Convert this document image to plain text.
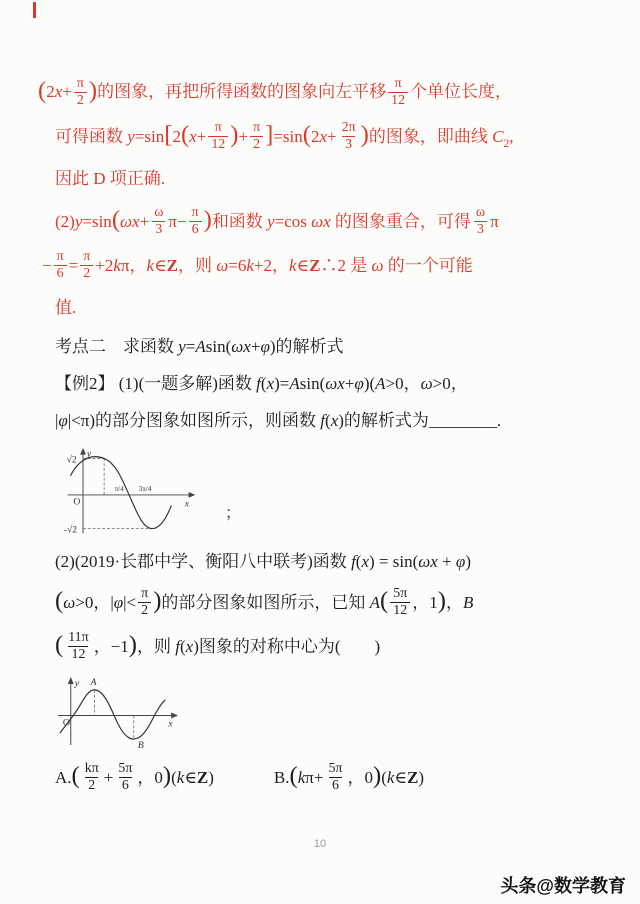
( 2 $x + \frac{\pi}{2}$ ) 的图象，再把所得函数的图象向左平移 $\frac{\pi}{12}$ 个单位长度，
可得函数 y =sin [ 2 ( $x + \frac{\pi}{12}$ ) + $\frac{\pi}{2}$ ] =sin ( 2 $x + \frac{2\pi}{3}$ ) 的图象，即曲线 C 2 ,
因此 D 项正确.
(2) y =sin ( $\omega x + \frac{\omega}{3} \pi- \frac{\pi}{6}$ ) 和函数 y =cos ωx 的图象重合，可得 $\frac{\omega}{3}$ π
− $\frac{\pi}{6} = \frac{\pi}{2} +2$ k π， k ∈ Z ，则 ω =6 k +2， k ∈ Z ∴2 是 ω 的一个可能
值.
考点二　求函数 y = A sin( ωx + φ )的解析式
【例2】 (1)(一题多解)函数 f ( x )= A sin( ωx + φ )( A >0， ω >0，
| φ |<π)的部分图象如图所示，则函数 f ( x )的解析式为________.
y
x
O
√2
-√2
π/4 3π/4
；
(2)(2019·长郡中学、衡阳八中联考)函数 f ( x ) = sin( ωx + φ )
( ω >0，| φ |< $\frac{\pi}{2}$ ) 的部分图象如图所示，已知 A ( $\frac{5\pi}{12}$ ，1 ) ， B
( $\frac{11\pi}{12}$ ，−1 ) ，则 f ( x )图象的对称中心为(　　)
y
x
O
A
B
A. ( $\frac{k\pi}{2} + \frac{5\pi}{6}$ ，0 ) ( k ∈ Z )	B. ( k $\pi+ \frac{5\pi}{6}$ ，0 ) ( k ∈ Z )
10
头条@数学教育
